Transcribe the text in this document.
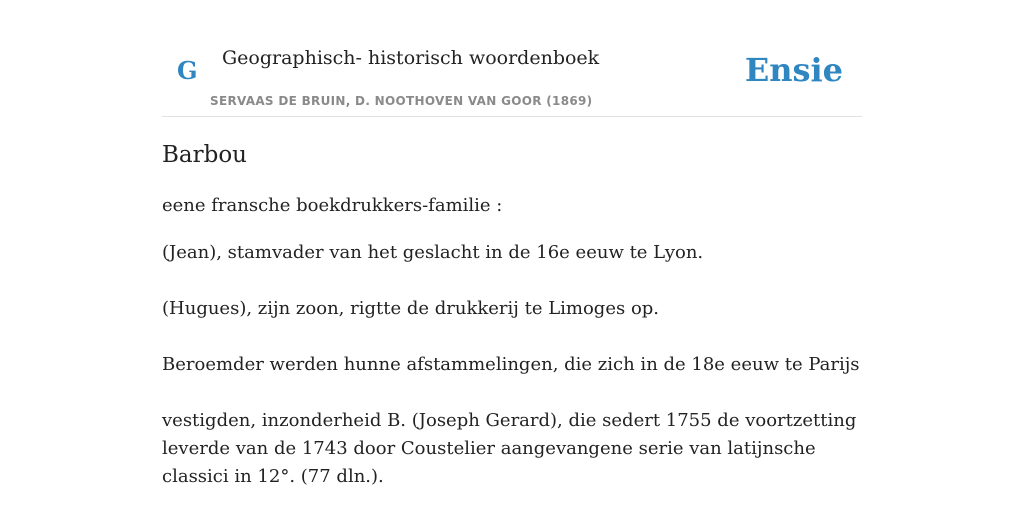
G Geographisch- historisch woordenboek
SERVAAS DE BRUIN, D. NOOTHOVEN VAN GOOR (1869)
Ensie
Barbou

eene fransche boekdrukkers-familie :

(Jean), stamvader van het geslacht in de 16e eeuw te Lyon.

(Hugues), zijn zoon, rigtte de drukkerij te Limoges op.

Beroemder werden hunne afstammelingen, die zich in de 18e eeuw te Parijs

vestigden, inzonderheid B. (Joseph Gerard), die sedert 1755 de voortzetting leverde van de 1743 door Coustelier aangevangene serie van latijnsche classici in 12°. (77 dln.).
